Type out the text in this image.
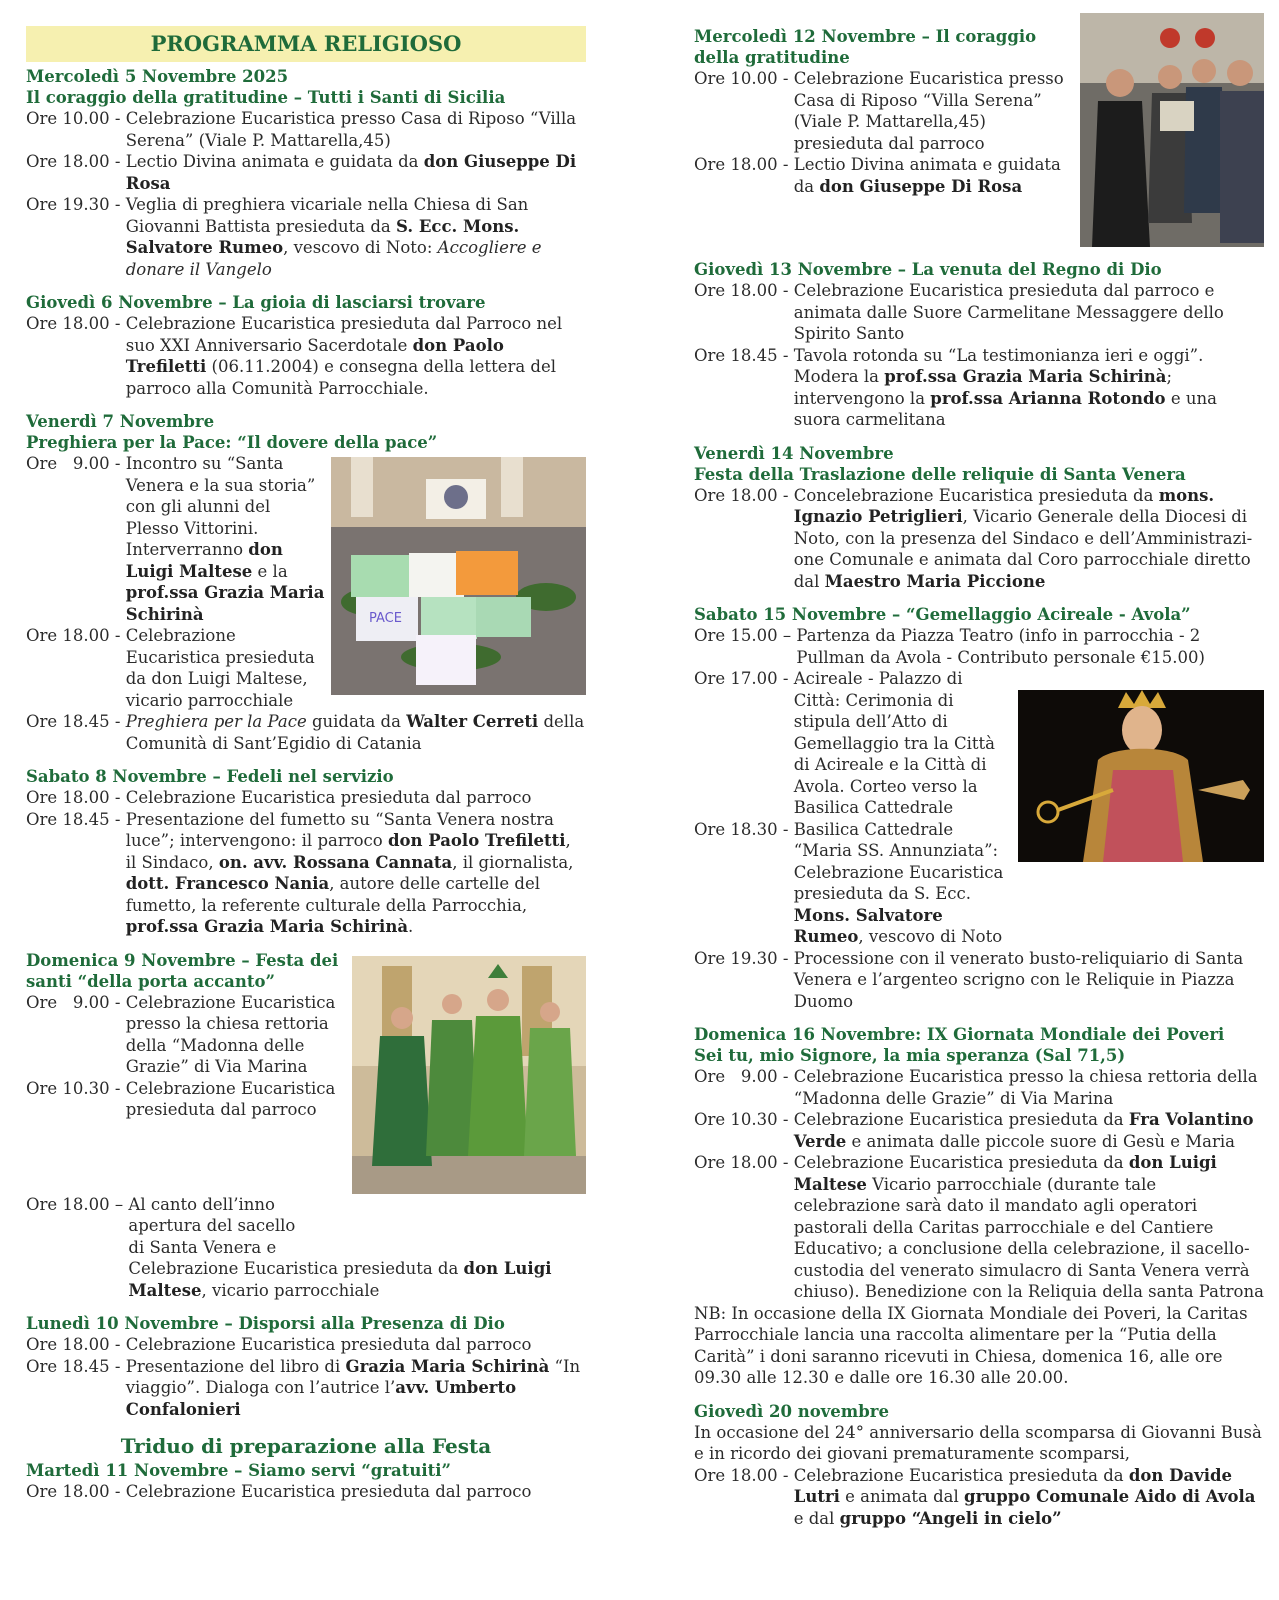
PROGRAMMA RELIGIOSO
Mercoledì 5 Novembre 2025
Il coraggio della gratitudine – Tutti i Santi di Sicilia
Ore 10.00 -
Celebrazione Eucaristica presso Casa di Riposo “Villa Serena” (Viale P. Mattarella,45)
Ore 18.00 -
Lectio Divina animata e guidata da don Giuseppe Di Rosa
Ore 19.30 -
Veglia di preghiera vicariale nella Chiesa di San Giovanni Battista presieduta da S. Ecc. Mons. Salvatore Rumeo, vescovo di Noto: Accogliere e donare il Vangelo
Giovedì 6 Novembre – La gioia di lasciarsi trovare
Ore 18.00 -
Celebrazione Eucaristica presieduta dal Parroco nel suo XXI Anniversario Sacerdotale don Paolo Trefiletti (06.11.2004) e consegna della lettera del parroco alla Comunità Parrocchiale.
Venerdì 7 Novembre
Preghiera per la Pace: “Il dovere della pace”
Ore   9.00 -
Incontro su “Santa Venera e la sua storia” con gli alunni del Plesso Vittorini. Interverranno don Luigi Maltese e la prof.ssa Grazia Maria Schirinà
Ore 18.00 -
Celebrazione Eucaristica presieduta da don Luigi Maltese, vicario parrocchiale
PACE
Ore 18.45 -
Preghiera per la Pace guidata da Walter Cerreti della Comunità di Sant’Egidio di Catania
Sabato 8 Novembre – Fedeli nel servizio
Ore 18.00 -
Celebrazione Eucaristica presieduta dal parroco
Ore 18.45 -
Presentazione del fumetto su “Santa Venera nostra luce”; intervengono: il parroco don Paolo Trefiletti, il Sindaco, on. avv. Rossana Cannata, il giornalista, dott. Francesco Nania, autore delle cartelle del fumetto, la referente culturale della Parrocchia, prof.ssa Grazia Maria Schirinà.
Domenica 9 Novembre – Festa dei
santi “della porta accanto”
Ore   9.00 -
Celebrazione Eucaristica presso la chiesa rettoria della “Madonna delle Grazie” di Via Marina
Ore 10.30 -
Celebrazione Eucaristica presieduta dal parroco
Ore 18.00 –
Al canto dell’inno apertura del sacello di Santa Venera e
Celebrazione Eucaristica presieduta da don Luigi Maltese, vicario parrocchiale
Lunedì 10 Novembre – Disporsi alla Presenza di Dio
Ore 18.00 -
Celebrazione Eucaristica presieduta dal parroco
Ore 18.45 -
Presentazione del libro di Grazia Maria Schirinà “In viaggio”. Dialoga con l’autrice l’avv. Umberto Confalonieri
Triduo di preparazione alla Festa
Martedì 11 Novembre – Siamo servi “gratuiti”
Ore 18.00 -
Celebrazione Eucaristica presieduta dal parroco
Mercoledì 12 Novembre – Il coraggio
della gratitudine
Ore 10.00 -
Celebrazione Eucaristica presso Casa di Riposo “Villa Serena” (Viale P. Mattarella,45) presieduta dal parroco
Ore 18.00 -
Lectio Divina animata e guidata da don Giuseppe Di Rosa
Giovedì 13 Novembre – La venuta del Regno di Dio
Ore 18.00 -
Celebrazione Eucaristica presieduta dal parroco e animata dalle Suore Carmelitane Messaggere dello Spirito Santo
Ore 18.45 -
Tavola rotonda su “La testimonianza ieri e oggi”. Modera la prof.ssa Grazia Maria Schirinà; intervengono la prof.ssa Arianna Rotondo e una suora carmelitana
Venerdì 14 Novembre
Festa della Traslazione delle reliquie di Santa Venera
Ore 18.00 -
Concelebrazione Eucaristica presieduta da mons. Ignazio Petriglieri, Vicario Generale della Diocesi di Noto, con la presenza del Sindaco e dell’Amministrazi-one Comunale e animata dal Coro parrocchiale diretto dal Maestro Maria Piccione
Sabato 15 Novembre – “Gemellaggio Acireale - Avola”
Ore 15.00 –
Partenza da Piazza Teatro (info in parrocchia - 2 Pullman da Avola - Contributo personale €15.00)
Ore 17.00 -
Acireale - Palazzo di Città: Cerimonia di stipula dell’Atto di Gemellaggio tra la Città di Acireale e la Città di Avola. Corteo verso la Basilica Cattedrale
Ore 18.30 -
Basilica Cattedrale “Maria SS. Annunziata”: Celebrazione Eucaristica presieduta da S. Ecc. Mons. Salvatore Rumeo, vescovo di Noto
Ore 19.30 -
Processione con il venerato busto-reliquiario di Santa Venera e l’argenteo scrigno con le Reliquie in Piazza Duomo
Domenica 16 Novembre: IX Giornata Mondiale dei Poveri
Sei tu, mio Signore, la mia speranza (Sal 71,5)
Ore   9.00 -
Celebrazione Eucaristica presso la chiesa rettoria della “Madonna delle Grazie” di Via Marina
Ore 10.30 -
Celebrazione Eucaristica presieduta da Fra Volantino Verde e animata dalle piccole suore di Gesù e Maria
Ore 18.00 -
Celebrazione Eucaristica presieduta da don Luigi Maltese Vicario parrocchiale (durante tale celebrazione sarà dato il mandato agli operatori pastorali della Caritas parrocchiale e del Cantiere Educativo; a conclusione della celebrazione, il sacello-custodia del venerato simulacro di Santa Venera verrà chiuso). Benedizione con la Reliquia della santa Patrona
NB: In occasione della IX Giornata Mondiale dei Poveri, la Caritas Parrocchiale lancia una raccolta alimentare per la “Putia della Carità” i doni saranno ricevuti in Chiesa, domenica 16, alle ore 09.30 alle 12.30 e dalle ore 16.30 alle 20.00.
Giovedì 20 novembre
In occasione del 24° anniversario della scomparsa di Giovanni Busà e in ricordo dei giovani prematuramente scomparsi,
Ore 18.00 -
Celebrazione Eucaristica presieduta da don Davide Lutri e animata dal gruppo Comunale Aido di Avola e dal gruppo “Angeli in cielo”
